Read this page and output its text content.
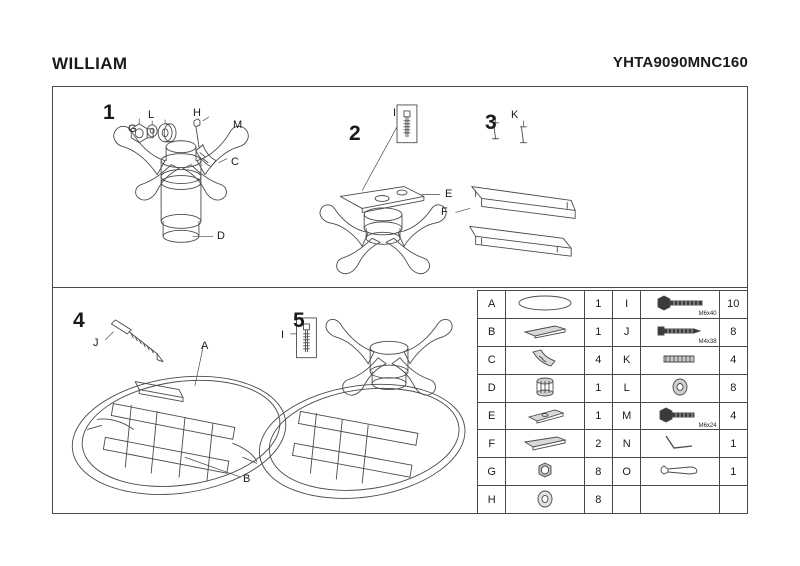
WILLIAM	YHTA9090MNC160
1
2	3
4	5
L	H
G	M
C
D
I
E
K
F
J	A
B
I
A		1	I	M6x40	10
B		1	J	M4x38	8
C		4	K		4
D		1	L		8
E		1	M	M6x24	4
F		2	N		1
G		8	O		1
H		8			
